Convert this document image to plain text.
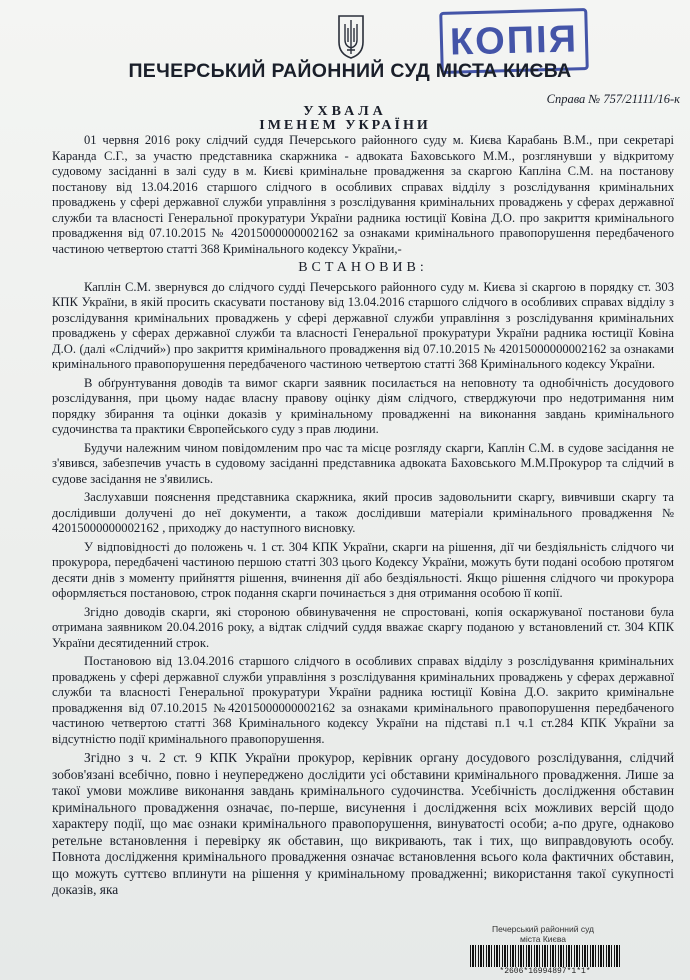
КОПІЯ
ПЕЧЕРСЬКИЙ РАЙОННИЙ СУД МІСТА КИЄВА
Справа № 757/21111/16-к
УХВАЛА
ІМЕНЕМ УКРАЇНИ

01 червня 2016 року слідчий суддя Печерського районного суду м. Києва Карабань В.М., при секретарі Каранда С.Г., за участю представника скаржника - адвоката Баховського М.М., розглянувши у відкритому судовому засіданні в залі суду в м. Києві кримінальне провадження за скаргою Капліна С.М. на постанову постанову від 13.04.2016 старшого слідчого в особливих справах відділу з розслідування кримінальних проваджень у сфері державної служби управління з розслідування кримінальних проваджень у сферах державної служби та власності Генеральної прокуратури України радника юстиції Ковіна Д.О. про закриття кримінального провадження від 07.10.2015 № 42015000000002162 за ознаками кримінального правопорушення передбаченого частиною четвертою статті 368 Кримінального кодексу України,-

ВСТАНОВИВ:

Каплін С.М. звернувся до слідчого судді Печерського районного суду м. Києва зі скаргою в порядку ст. 303 КПК України, в якій просить скасувати постанову від 13.04.2016 старшого слідчого в особливих справах відділу з розслідування кримінальних проваджень у сфері державної служби управління з розслідування кримінальних проваджень у сферах державної служби та власності Генеральної прокуратури України радника юстиції Ковіна Д.О. (далі «Слідчий») про закриття кримінального провадження від 07.10.2015 № 42015000000002162 за ознаками кримінального правопорушення передбаченого частиною четвертою статті 368 Кримінального кодексу України.

В обґрунтування доводів та вимог скарги заявник посилається на неповноту та однобічність досудового розслідування, при цьому надає власну правову оцінку діям слідчого, стверджуючи про недотримання ним порядку збирання та оцінки доказів у кримінальному провадженні на виконання завдань кримінального судочинства та практики Європейського суду з прав людини.

Будучи належним чином повідомленим про час та місце розгляду скарги, Каплін С.М. в судове засідання не з'явився, забезпечив участь в судовому засіданні представника адвоката Баховського М.М.Прокурор та слідчий в судове засідання не з'явились.

Заслухавши пояснення представника скаржника, який просив задовольнити скаргу, вивчивши скаргу та дослідивши долучені до неї документи, а також дослідивши матеріали кримінального провадження № 42015000000002162 , приходжу до наступного висновку.

У відповідності до положень ч. 1 ст. 304 КПК України, скарги на рішення, дії чи бездіяльність слідчого чи прокурора, передбачені частиною першою статті 303 цього Кодексу України, можуть бути подані особою протягом десяти днів з моменту прийняття рішення, вчинення дії або бездіяльності. Якщо рішення слідчого чи прокурора оформляється постановою, строк подання скарги починається з дня отримання особою її копії.

Згідно доводів скарги, які стороною обвинувачення не спростовані, копія оскаржуваної постанови була отримана заявником 20.04.2016 року, а відтак слідчий суддя вважає скаргу поданою у встановлений ст. 304 КПК України десятиденний строк.

Постановою від 13.04.2016 старшого слідчого в особливих справах відділу з розслідування кримінальних проваджень у сфері державної служби управління з розслідування кримінальних проваджень у сферах державної служби та власності Генеральної прокуратури України радника юстиції Ковіна Д.О. закрито кримінальне провадження від 07.10.2015 №42015000000002162 за ознаками кримінального правопорушення передбаченого частиною четвертою статті 368 Кримінального кодексу України на підставі п.1 ч.1 ст.284 КПК України за відсутністю події кримінального правопорушення.

Згідно з ч. 2 ст. 9 КПК України прокурор, керівник органу досудового розслідування, слідчий зобов'язані всебічно, повно і неупереджено дослідити усі обставини кримінального провадження. Лише за такої умови можливе виконання завдань кримінального судочинства. Усебічність дослідження обставин кримінального провадження означає, по-перше, висунення і дослідження всіх можливих версій щодо характеру події, що має ознаки кримінального правопорушення, винуватості особи; а-по друге, однаково ретельне встановлення і перевірку як обставин, що викривають, так і тих, що виправдовують особу. Повнота дослідження кримінального провадження означає встановлення всього кола фактичних обставин, що можуть суттєво вплинути на рішення у кримінальному провадженні; використання такої сукупності доказів, яка

Печерський районний суд
міста Києва
*2606*16994897*1*1*
